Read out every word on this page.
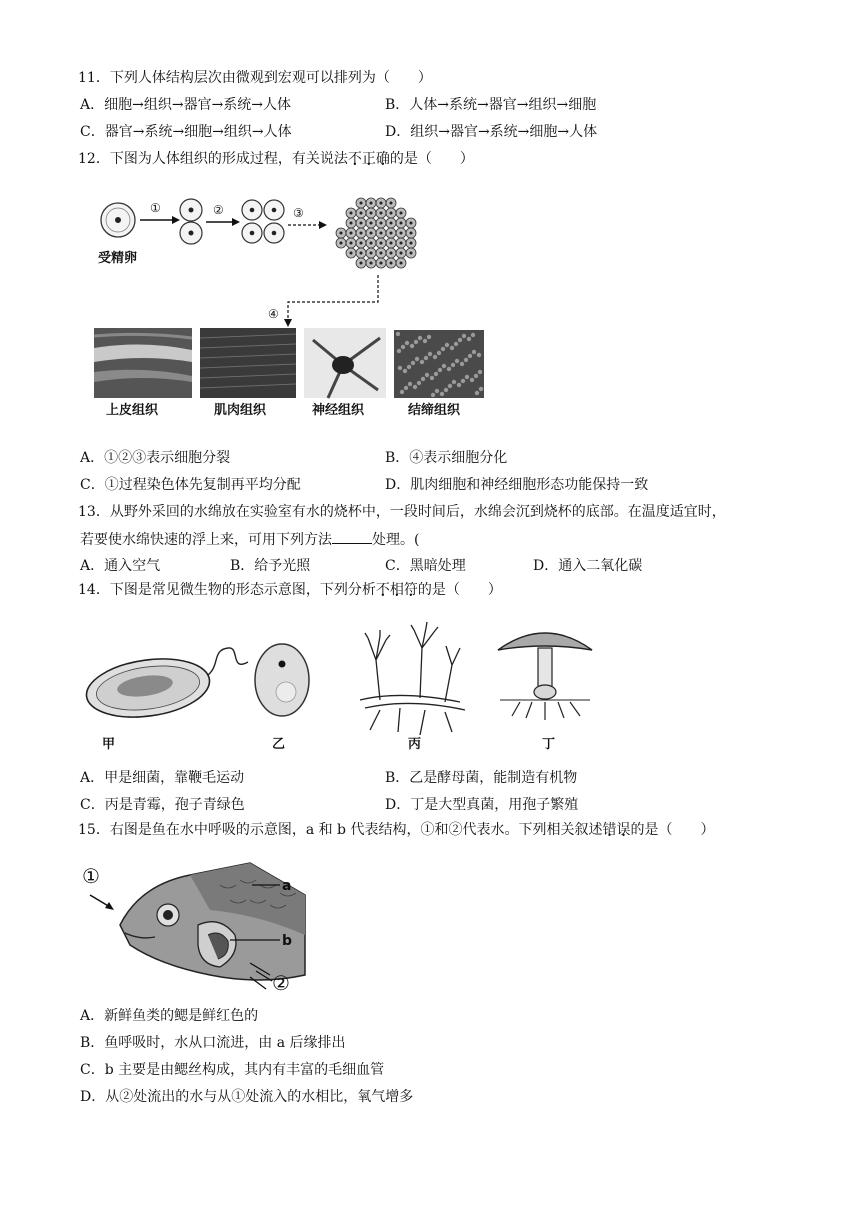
11．下列人体结构层次由微观到宏观可以排列为（　　）
A．细胞→组织→器官→系统→人体	B．人体→系统→器官→组织→细胞
C．器官→系统→细胞→组织→人体	D．组织→器官→系统→细胞→人体
12．下图为人体组织的形成过程，有关说法不正确的是（　　）
受精卵
①	②	③
④
上皮组织	肌肉组织	神经组织	结缔组织
A．①②③表示细胞分裂	B．④表示细胞分化
C．①过程染色体先复制再平均分配	D．肌肉细胞和神经细胞形态功能保持一致
13．从野外采回的水绵放在实验室有水的烧杯中，一段时间后，水绵会沉到烧杯的底部。在温度适宜时，
若要使水绵快速的浮上来，可用下列方法	处理。(
A．通入空气	B．给予光照	C．黑暗处理	D．通入二氧化碳
14．下图是常见微生物的形态示意图，下列分析不相符的是（　　）
甲	乙	丙	丁
A．甲是细菌，靠鞭毛运动	B．乙是酵母菌，能制造有机物
C．丙是青霉，孢子青绿色	D．丁是大型真菌，用孢子繁殖
15．右图是鱼在水中呼吸的示意图，a 和 b 代表结构，①和②代表水。下列相关叙述错误的是（　　）
a
b
①
②
A．新鲜鱼类的鳃是鲜红色的
B．鱼呼吸时，水从口流进，由 a 后缘排出
C．b 主要是由鳃丝构成，其内有丰富的毛细血管
D．从②处流出的水与从①处流入的水相比，氧气增多
